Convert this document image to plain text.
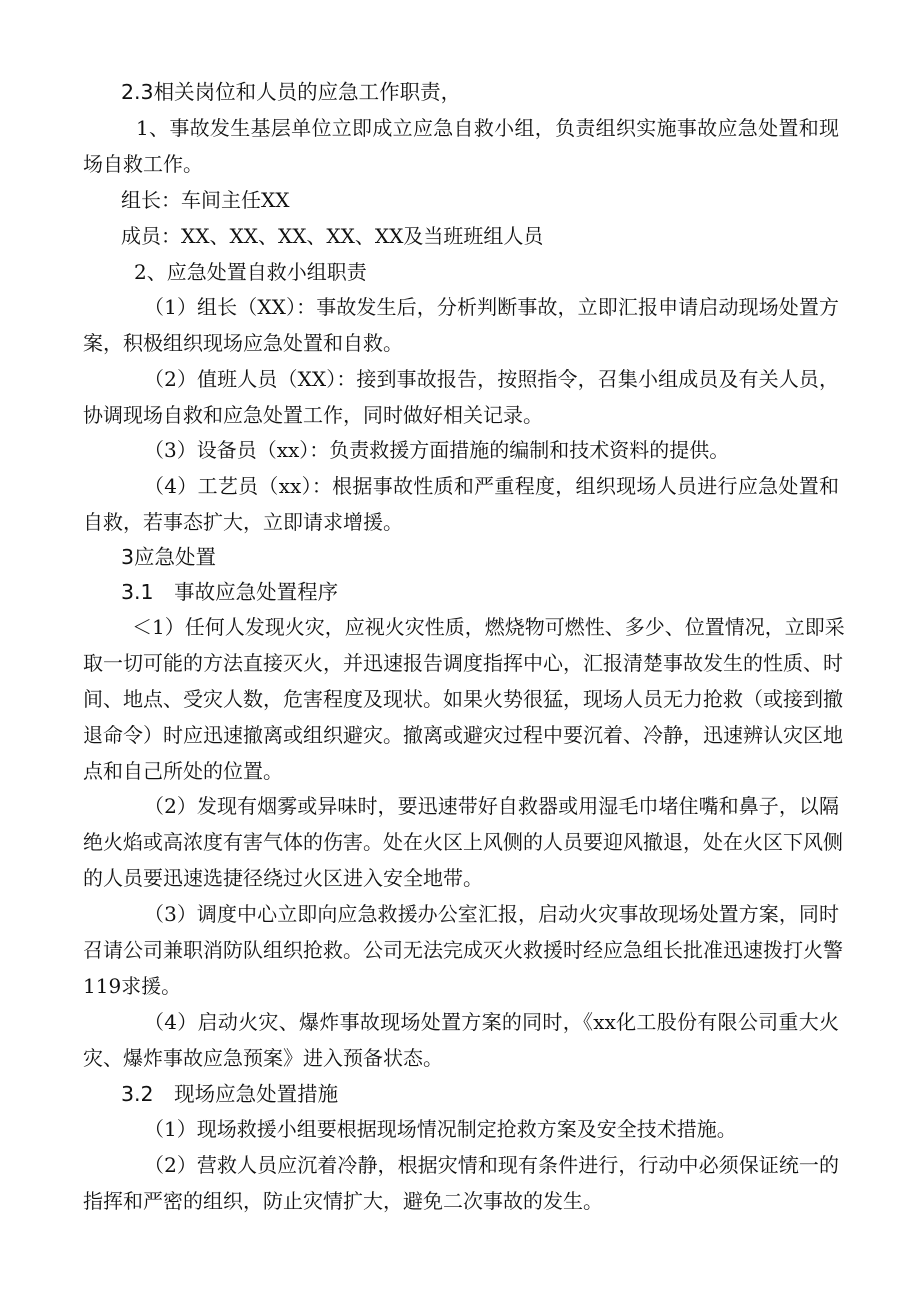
2.3相关岗位和人员的应急工作职责，
1、事故发生基层单位立即成立应急自救小组，负责组织实施事故应急处置和现
场自救工作。
组长：车间主任XX
成员：XX、XX、XX、XX、XX及当班班组人员
2、应急处置自救小组职责
（1）组长（XX）：事故发生后，分析判断事故，立即汇报申请启动现场处置方
案，积极组织现场应急处置和自救。
（2）值班人员（XX）：接到事故报告，按照指令，召集小组成员及有关人员，
协调现场自救和应急处置工作，同时做好相关记录。
（3）设备员（xx）：负责救援方面措施的编制和技术资料的提供。
（4）工艺员（xx）：根据事故性质和严重程度，组织现场人员进行应急处置和
自救，若事态扩大，立即请求增援。
3应急处置
3.1　事故应急处置程序
＜1）任何人发现火灾，应视火灾性质，燃烧物可燃性、多少、位置情况，立即采
取一切可能的方法直接灭火，并迅速报告调度指挥中心，汇报清楚事故发生的性质、时
间、地点、受灾人数，危害程度及现状。如果火势很猛，现场人员无力抢救（或接到撤
退命令）时应迅速撤离或组织避灾。撤离或避灾过程中要沉着、冷静，迅速辨认灾区地
点和自己所处的位置。
（2）发现有烟雾或异味时，要迅速带好自救器或用湿毛巾堵住嘴和鼻子，以隔
绝火焰或高浓度有害气体的伤害。处在火区上风侧的人员要迎风撤退，处在火区下风侧
的人员要迅速选捷径绕过火区进入安全地带。
（3）调度中心立即向应急救援办公室汇报，启动火灾事故现场处置方案，同时
召请公司兼职消防队组织抢救。公司无法完成灭火救援时经应急组长批准迅速拨打火警
119求援。
（4）启动火灾、爆炸事故现场处置方案的同时，《xx化工股份有限公司重大火
灾、爆炸事故应急预案》进入预备状态。
3.2　现场应急处置措施
（1）现场救援小组要根据现场情况制定抢救方案及安全技术措施。
（2）营救人员应沉着冷静，根据灾情和现有条件进行，行动中必须保证统一的
指挥和严密的组织，防止灾情扩大，避免二次事故的发生。
